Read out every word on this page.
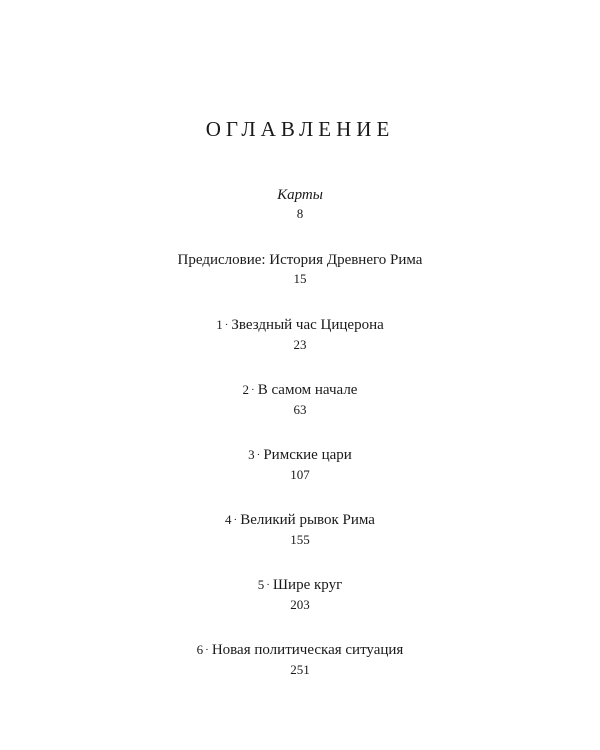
ОГЛАВЛЕНИЕ
Карты
8
Предисловие: История Древнего Рима
15
1 · Звездный час Цицерона
23
2 · В самом начале
63
3 · Римские цари
107
4 · Великий рывок Рима
155
5 · Шире круг
203
6 · Новая политическая ситуация
251
